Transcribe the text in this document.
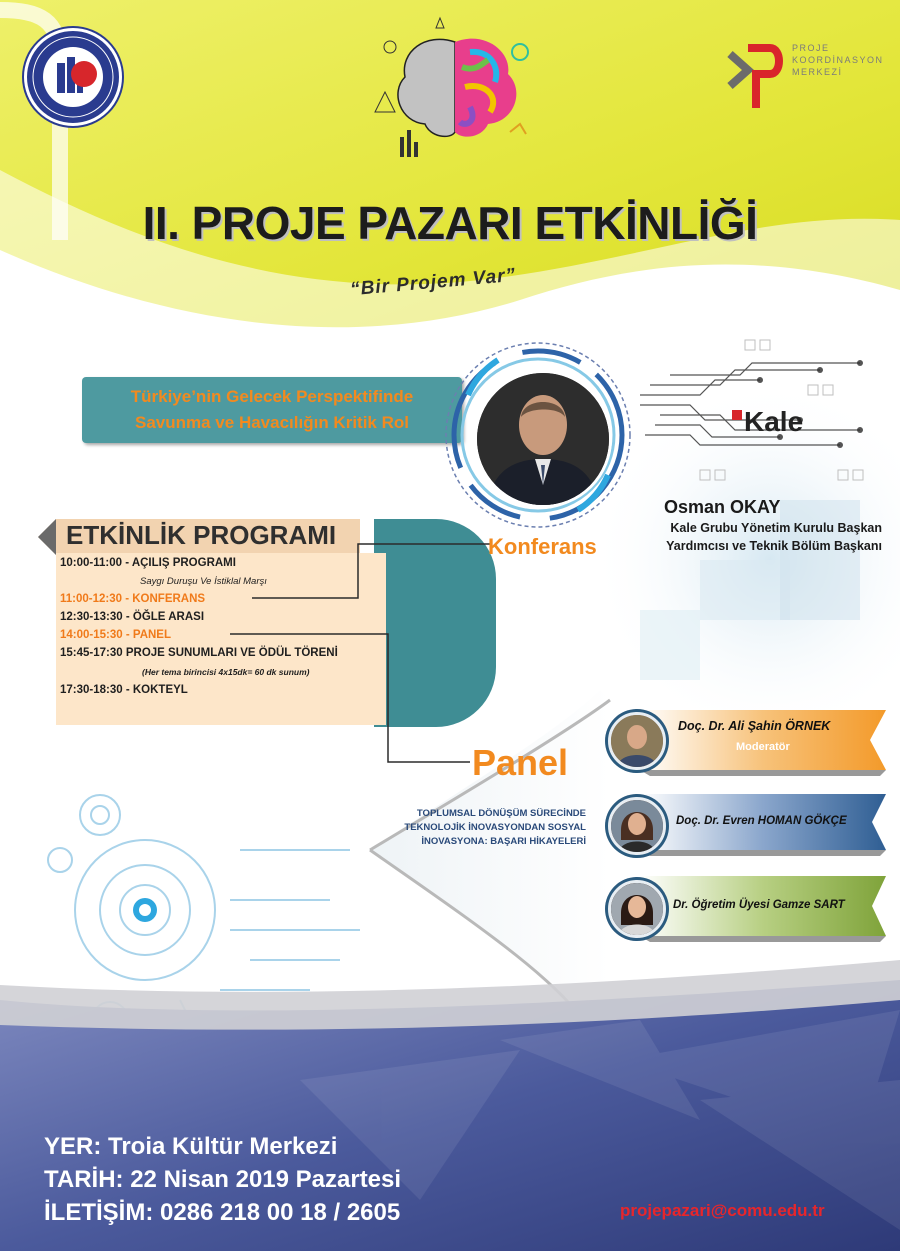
PROJE
KOORDİNASYON
MERKEZİ
II. PROJE PAZARI ETKİNLİĞİ
“Bir Projem Var”
Türkiye’nin Gelecek Perspektifinde
Savunma ve Havacılığın Kritik Rol	Kale
Osman OKAY
Kale Grubu Yönetim Kurulu Başkan
Yardımcısı ve Teknik Bölüm Başkanı
ETKİNLİK PROGRAMI
10:00-11:00 - AÇILIŞ PROGRAMI
Saygı Duruşu Ve İstiklal Marşı
11:00-12:30 - KONFERANS
12:30-13:30 - ÖĞLE ARASI
14:00-15:30 - PANEL
15:45-17:30 PROJE SUNUMLARI VE ÖDÜL TÖRENİ
(Her tema birincisi 4x15dk= 60 dk sunum)
17:30-18:30 - KOKTEYL
Konferans
Panel
TOPLUMSAL DÖNÜŞÜM SÜRECİNDE
TEKNOLOJİK İNOVASYONDAN SOSYAL
İNOVASYONA: BAŞARI HİKAYELERİ
Doç. Dr. Ali Şahin ÖRNEK
Moderatör
Doç. Dr. Evren HOMAN GÖKÇE
Dr. Öğretim Üyesi Gamze SART
YER: Troia Kültür Merkezi
TARİH: 22 Nisan 2019 Pazartesi
İLETİŞİM: 0286 218 00 18 / 2605	projepazari@comu.edu.tr
